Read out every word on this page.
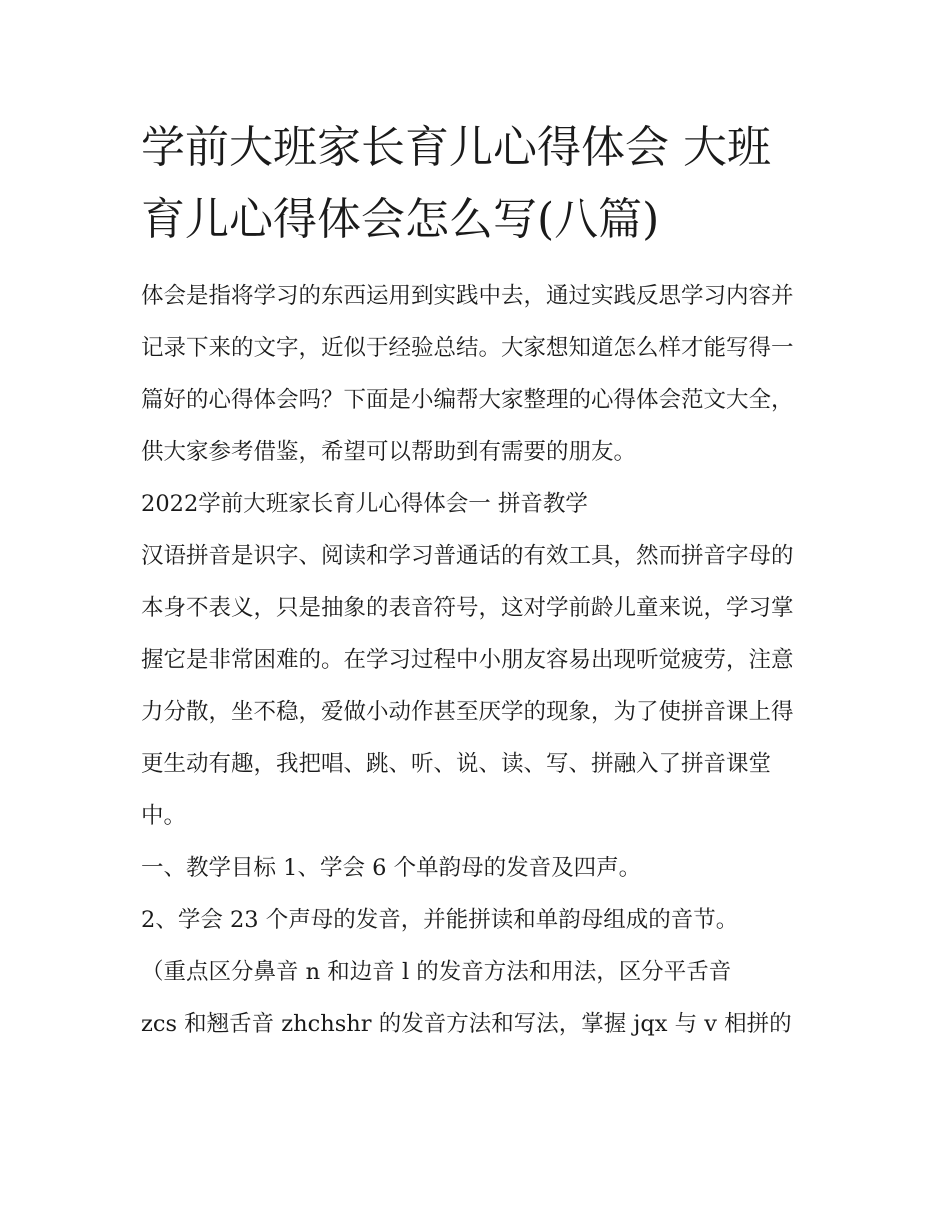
学前大班家长育儿心得体会 大班育儿心得体会怎么写(八篇)

体会是指将学习的东西运用到实践中去，通过实践反思学习内容并记录下来的文字，近似于经验总结。大家想知道怎么样才能写得一篇好的心得体会吗？下面是小编帮大家整理的心得体会范文大全，供大家参考借鉴，希望可以帮助到有需要的朋友。

2022学前大班家长育儿心得体会一 拼音教学

汉语拼音是识字、阅读和学习普通话的有效工具，然而拼音字母的本身不表义，只是抽象的表音符号，这对学前龄儿童来说，学习掌握它是非常困难的。在学习过程中小朋友容易出现听觉疲劳，注意力分散，坐不稳，爱做小动作甚至厌学的现象，为了使拼音课上得更生动有趣，我把唱、跳、听、说、读、写、拼融入了拼音课堂中。

一、教学目标 1、学会 6 个单韵母的发音及四声。
2、学会 23 个声母的发音，并能拼读和单韵母组成的音节。
（重点区分鼻音 n 和边音 l 的发音方法和用法，区分平舌音
zcs 和翘舌音 zhchshr 的发音方法和写法，掌握 jqx 与 v 相拼的
